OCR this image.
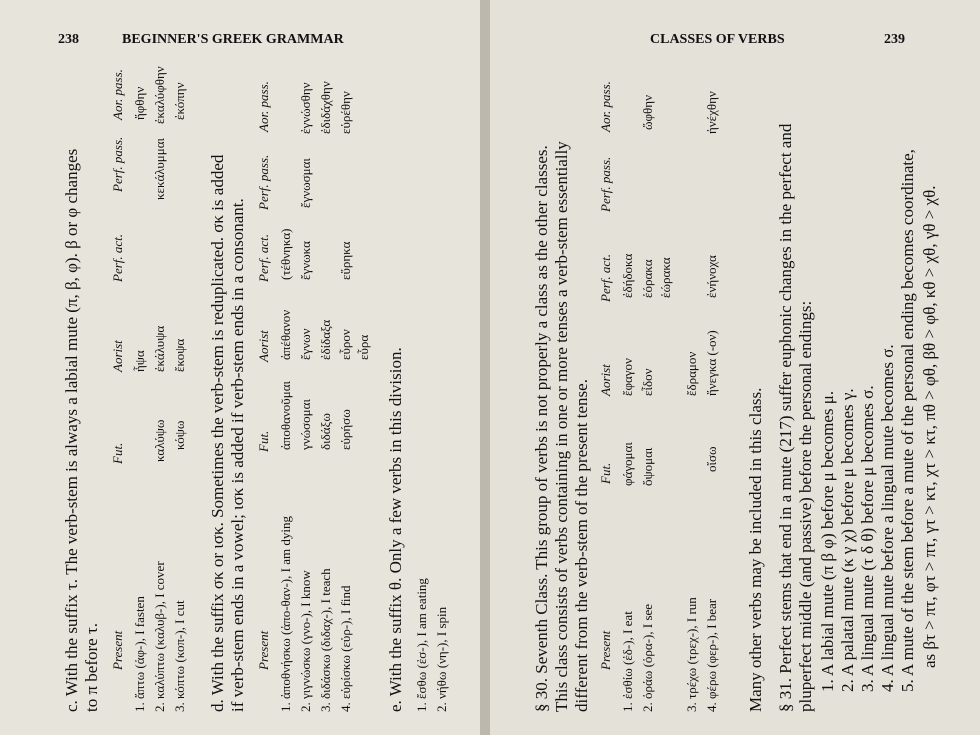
238	BEGINNER'S GREEK GRAMMAR
c. With the suffix τ. The verb-stem is always a labial mute (π, β, φ). β or φ changes to π before τ. Present
Fut.
Aorist
Perf. act.
Perf. pass.
Aor. pass.
1. ἅπτω (ἁφ-), I fasten
ἧψα
ἥφθην
2. καλύπτω (καλυβ-), I cover
καλύψω
ἐκάλυψα
κεκάλυμμαι
ἐκαλύφθην
3. κόπτω (κοπ-), I cut
κόψω
ἔκοψα
ἐκόπην
d. With the suffix σκ or ισκ. Sometimes the verb-stem is reduplicated. σκ is added if verb-stem ends in a vowel; ισκ is added if verb-stem ends in a consonant. Present
Fut.
Aorist
Perf. act.
Perf. pass.
Aor. pass.
1. ἀποθνήσκω (ἀπο-θαν-), I am dying
ἀποθανοῦμαι
ἀπέθανον
(τέθνηκα)
2. γιγνώσκω (γνο-), I know
γνώσομαι
ἔγνων
ἔγνωκα
ἔγνωσμαι
ἐγνώσθην
3. διδάσκω (διδαχ-), I teach
διδάξω
ἐδίδαξα
ἐδιδάχθην
4. εὑρίσκω (εὑρ-), I find
εὑρήσω
εὗρον
εὕρηκα
εὑρέθην
εὗρα e. With the suffix θ. Only a few verbs in this division. 1. ἔσθω (ἐσ-), I am eating 2. νήθω (νη-), I spin
CLASSES OF VERBS	239
§ 30. Seventh Class. This group of verbs is not properly a class as the other classes. This class consists of verbs containing in one or more tenses a verb-stem essentially different from the verb-stem of the present tense. Present
Fut.
Aorist
Perf. act.
Perf. pass.
Aor. pass.
1. ἐσθίω (ἐδ-), I eat
φάγομαι
ἔφαγον
ἐδήδοκα
2. ὁράω (ὁρα-), I see
ὄψομαι
εἶδον
ἑόρακα
ὤφθην
ἑώρακα
3. τρέχω (τρεχ-), I run
ἔδραμον
4. φέρω (φερ-), I bear
οἴσω
ἤνεγκα (-ον)
ἐνήνοχα
ἠνέχθην
Many other verbs may be included in this class. § 31. Perfect stems that end in a mute (217) suffer euphonic changes in the perfect and pluperfect middle (and passive) before the personal endings: 1. A labial mute (π β φ) before μ becomes μ. 2. A palatal mute (κ γ χ) before μ becomes γ. 3. A lingual mute (τ δ θ) before μ becomes σ. 4. A lingual mute before a lingual mute becomes σ. 5. A mute of the stem before a mute of the personal ending becomes coordinate, as βτ > πτ, φτ > πτ, γτ > κτ, χτ > κτ, πθ > φθ, βθ > φθ, κθ > χθ, γθ > χθ.
